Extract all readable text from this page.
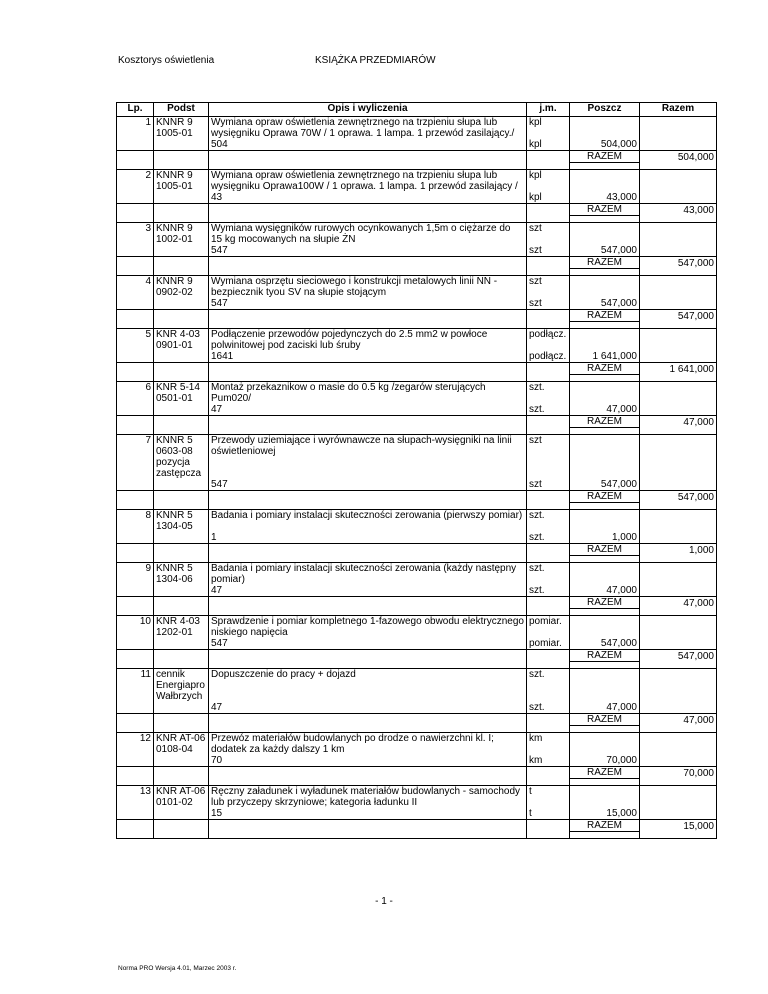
Kosztorys oświetlenia	KSIĄŻKA PRZEDMIARÓW
Lp.	Podst	Opis i wyliczenia	j.m.	Poszcz	Razem
1	KNNR 9 1005-01	Wymiana opraw oświetlenia zewnętrznego na trzpieniu słupa lub wysięgniku Oprawa 70W / 1 oprawa. 1 lampa. 1 przewód zasilający./	kpl		
		504	kpl	504,000	
				RAZEM	504,000

2	KNNR 9 1005-01	Wymiana opraw oświetlenia zewnętrznego na trzpieniu słupa lub wysięgniku Oprawa100W / 1 oprawa. 1 lampa. 1 przewód zasilający /	kpl		
		43	kpl	43,000	
				RAZEM	43,000

3	KNNR 9 1002-01	Wymiana wysięgników rurowych ocynkowanych 1,5m o ciężarze do 15 kg mocowanych na słupie ŻN	szt		
		547	szt	547,000	
				RAZEM	547,000

4	KNNR 9 0902-02	Wymiana osprzętu sieciowego i konstrukcji metalowych linii NN - bezpiecznik tyou SV na słupie stojącym	szt		
		547	szt	547,000	
				RAZEM	547,000

5	KNR 4-03 0901-01	Podłączenie przewodów pojedynczych do 2.5 mm2 w powłoce polwinitowej pod zaciski lub śruby	podłącz.		
		1641	podłącz.	1 641,000	
				RAZEM	1 641,000

6	KNR 5-14 0501-01	Montaż przekaznikow o masie do 0.5 kg /zegarów sterujących Pum020/	szt.		
		47	szt.	47,000	
				RAZEM	47,000

7	KNNR 5 0603-08 pozycja zastępcza	Przewody uziemiające i wyrównawcze na słupach-wysięgniki na linii oświetleniowej	szt		
		547	szt	547,000	
				RAZEM	547,000

8	KNNR 5 1304-05	Badania i pomiary instalacji skuteczności zerowania (pierwszy pomiar)	szt.		
		1	szt.	1,000	
				RAZEM	1,000

9	KNNR 5 1304-06	Badania i pomiary instalacji skuteczności zerowania (każdy następny pomiar)	szt.		
		47	szt.	47,000	
				RAZEM	47,000

10	KNR 4-03 1202-01	Sprawdzenie i pomiar kompletnego 1-fazowego obwodu elektrycznego niskiego napięcia	pomiar.		
		547	pomiar.	547,000	
				RAZEM	547,000

11	cennik Energiapro Wałbrzych	Dopuszczenie do pracy + dojazd	szt.		
		47	szt.	47,000	
				RAZEM	47,000

12	KNR AT-06 0108-04	Przewóz materiałów budowlanych po drodze o nawierzchni kl. I; dodatek za każdy dalszy 1 km	km		
		70	km	70,000	
				RAZEM	70,000

13	KNR AT-06 0101-02	Ręczny załadunek i wyładunek materiałów budowlanych - samochody lub przyczepy skrzyniowe; kategoria ładunku II	t		
		15	t	15,000	
				RAZEM	15,000

- 1 -
Norma PRO Wersja 4.01, Marzec 2003 r.
